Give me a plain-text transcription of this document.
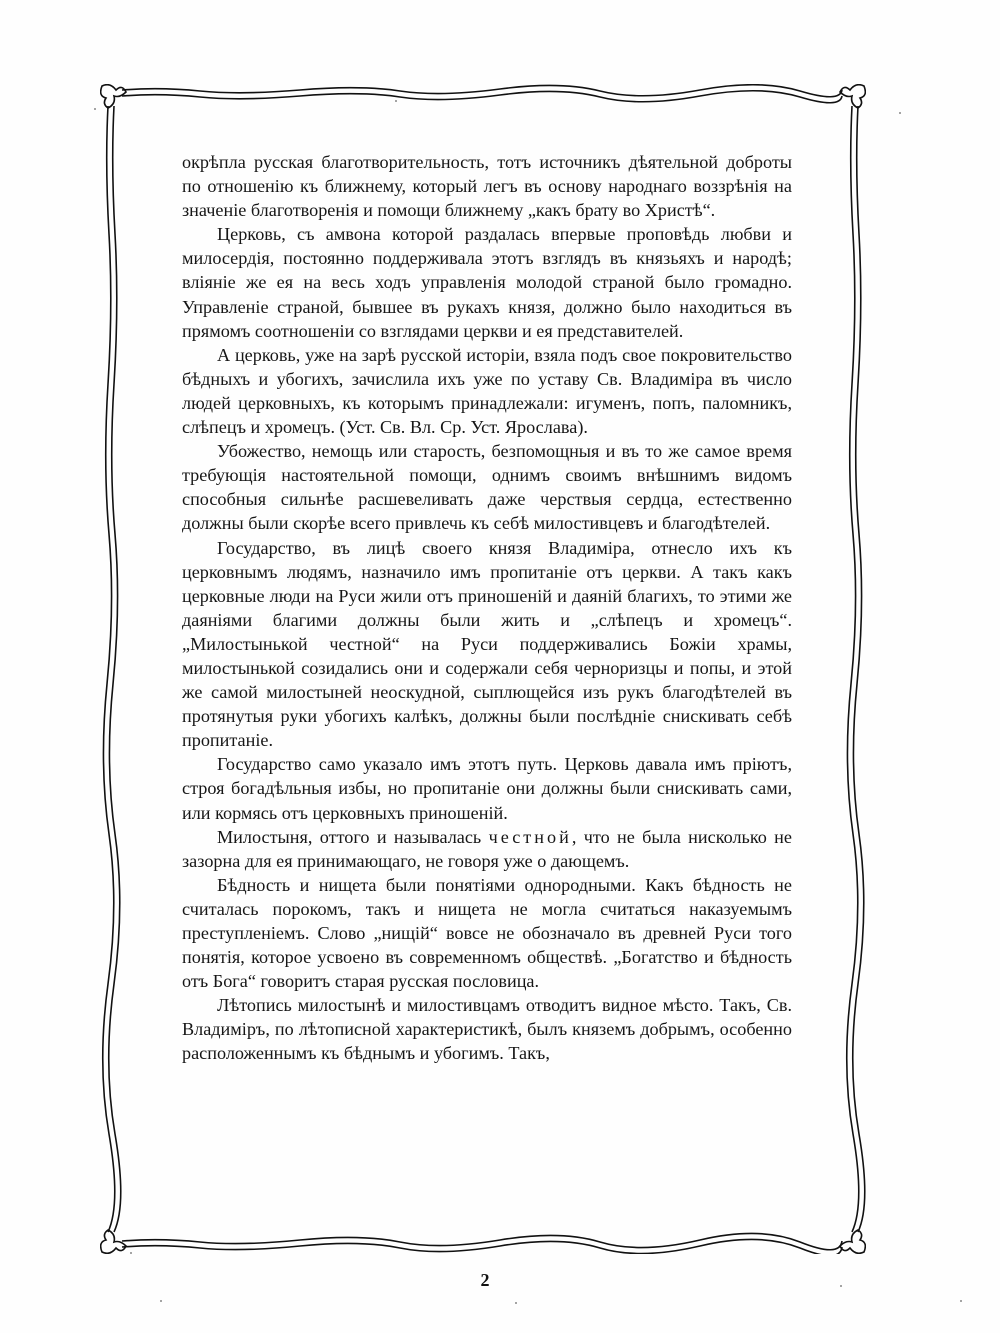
окрѣпла русская благотворительность, тотъ источникъ дѣятельной доброты по отношенію къ ближнему, который легъ въ основу народнаго воззрѣнія на значеніе благотворенія и помощи ближнему „какъ брату во Христѣ“.

Церковь, съ амвона которой раздалась впервые проповѣдь любви и милосердія, постоянно поддерживала этотъ взглядъ въ князьяхъ и народѣ; вліяніе же ея на весь ходъ управленія молодой страной было громадно. Управленіе страной, бывшее въ рукахъ князя, должно было находиться въ прямомъ соотношеніи со взглядами церкви и ея представителей.

А церковь, уже на зарѣ русской исторіи, взяла подъ свое покровительство бѣдныхъ и убогихъ, зачислила ихъ уже по уставу Св. Владиміра въ число людей церковныхъ, къ которымъ принадлежали: игуменъ, попъ, паломникъ, слѣпецъ и хромецъ. (Уст. Св. Вл. Ср. Уст. Ярослава).

Убожество, немощь или старость, безпомощныя и въ то же самое время требующія настоятельной помощи, однимъ своимъ внѣшнимъ видомъ способныя сильнѣе расшевеливать даже черствыя сердца, естественно должны были скорѣе всего привлечь къ себѣ милостивцевъ и благодѣтелей.

Государство, въ лицѣ своего князя Владиміра, отнесло ихъ къ церковнымъ людямъ, назначило имъ пропитаніе отъ церкви. А такъ какъ церковные люди на Руси жили отъ приношеній и даяній благихъ, то этими же даяніями благими должны были жить и „слѣпецъ и хромецъ“. „Милостынькой честной“ на Руси поддерживались Божіи храмы, милостынькой созидались они и содержали себя черноризцы и попы, и этой же самой милостыней неоскудной, сыплющейся изъ рукъ благодѣтелей въ протянутыя руки убогихъ калѣкъ, должны были послѣдніе снискивать себѣ пропитаніе.

Государство само указало имъ этотъ путь. Церковь давала имъ пріютъ, строя богадѣльныя избы, но пропитаніе они должны были снискивать сами, или кормясь отъ церковныхъ приношеній.

Милостыня, оттого и называлась честной, что не была нисколько не зазорна для ея принимающаго, не говоря уже о дающемъ.

Бѣдность и нищета были понятіями однородными. Какъ бѣдность не считалась порокомъ, такъ и нищета не могла считаться наказуемымъ преступленіемъ. Слово „нищій“ вовсе не обозначало въ древней Руси того понятія, которое усвоено въ современномъ обществѣ. „Богатство и бѣдность отъ Бога“ говоритъ старая русская пословица.

Лѣтопись милостынѣ и милостивцамъ отводитъ видное мѣсто. Такъ, Св. Владиміръ, по лѣтописной характеристикѣ, былъ княземъ добрымъ, особенно расположеннымъ къ бѣднымъ и убогимъ. Такъ,

2
